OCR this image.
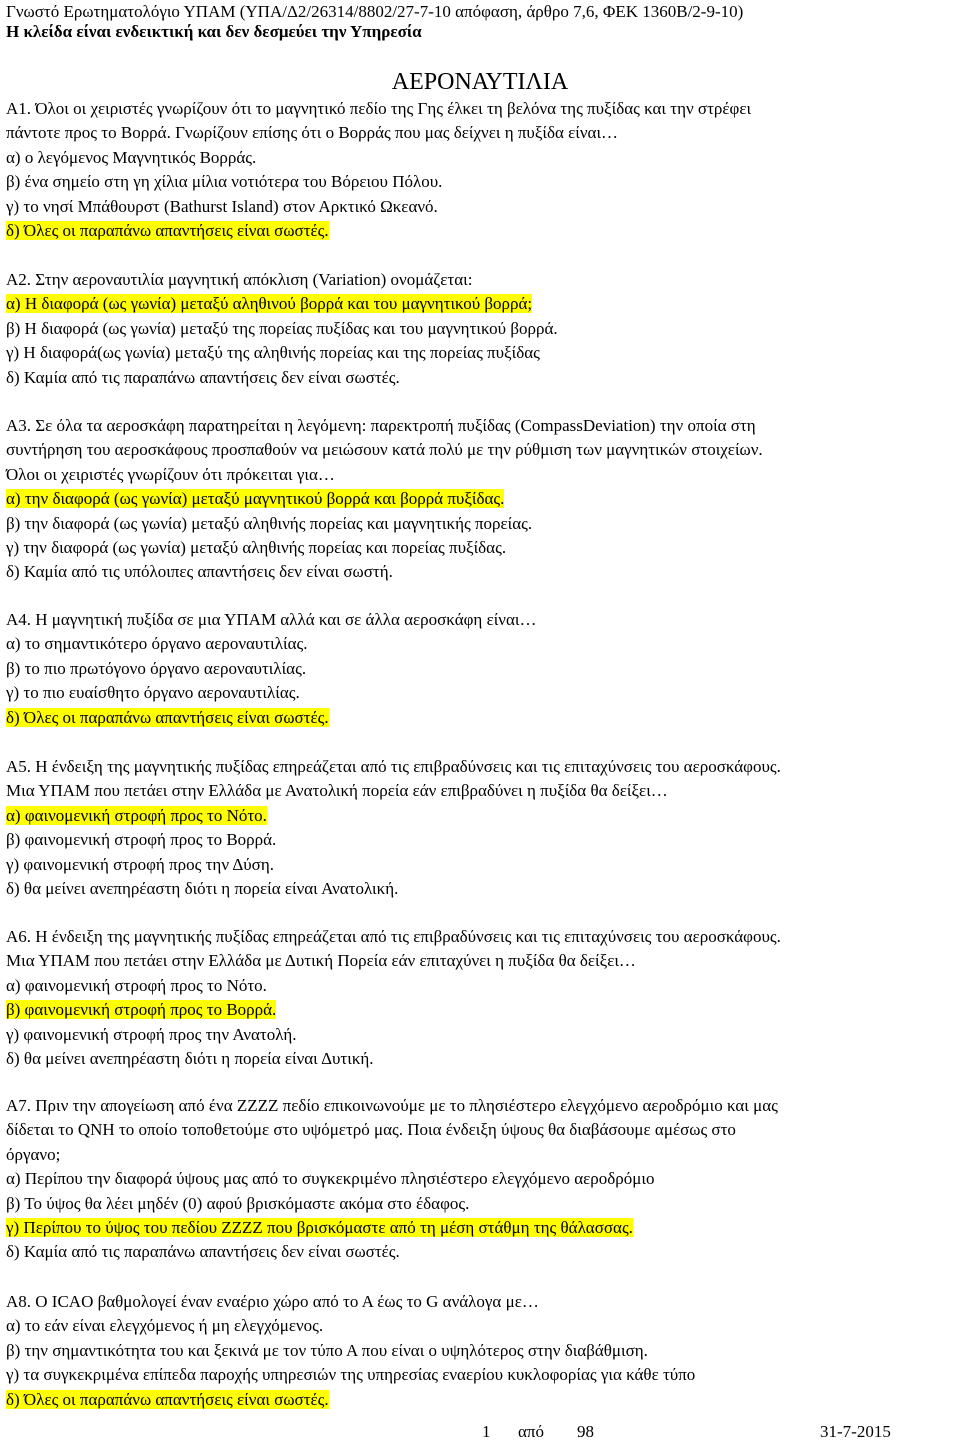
Γνωστό Ερωτηματολόγιο ΥΠΑΜ (ΥΠΑ/Δ2/26314/8802/27-7-10 απόφαση, άρθρο 7,6, ΦΕΚ 1360Β/2-9-10)
Η κλείδα είναι ενδεικτική και δεν δεσμεύει την Υπηρεσία
ΑΕΡΟΝΑΥΤΙΛΙΑ
Α1. Όλοι οι χειριστές γνωρίζουν ότι το μαγνητικό πεδίο της Γης έλκει τη βελόνα της πυξίδας και την στρέφει
πάντοτε προς το Βορρά. Γνωρίζουν επίσης ότι ο Βορράς που μας δείχνει η πυξίδα είναι…
α) ο λεγόμενος Μαγνητικός Βορράς.
β) ένα σημείο στη γη χίλια μίλια νοτιότερα του Βόρειου Πόλου.
γ) το νησί Μπάθουρστ (Bathurst Island) στον Αρκτικό Ωκεανό.
δ) Όλες οι παραπάνω απαντήσεις είναι σωστές.
Α2. Στην αεροναυτιλία μαγνητική απόκλιση (Variation) ονομάζεται:
α) Η διαφορά (ως γωνία) μεταξύ αληθινού βορρά και του μαγνητικού βορρά;
β) Η διαφορά (ως γωνία) μεταξύ της πορείας πυξίδας και του μαγνητικού βορρά.
γ) Η διαφορά(ως γωνία) μεταξύ της αληθινής πορείας και της πορείας πυξίδας
δ) Καμία από τις παραπάνω απαντήσεις δεν είναι σωστές.
Α3. Σε όλα τα αεροσκάφη παρατηρείται η λεγόμενη: παρεκτροπή πυξίδας (CompassDeviation) την οποία στη
συντήρηση του αεροσκάφους προσπαθούν να μειώσουν κατά πολύ με την ρύθμιση των μαγνητικών στοιχείων.
Όλοι οι χειριστές γνωρίζουν ότι πρόκειται για…
α) την διαφορά (ως γωνία) μεταξύ μαγνητικού βορρά και βορρά πυξίδας.
β) την διαφορά (ως γωνία) μεταξύ αληθινής πορείας και μαγνητικής πορείας.
γ) την διαφορά (ως γωνία) μεταξύ αληθινής πορείας και πορείας πυξίδας.
δ) Καμία από τις υπόλοιπες απαντήσεις δεν είναι σωστή.
Α4. Η μαγνητική πυξίδα σε μια ΥΠΑΜ αλλά και σε άλλα αεροσκάφη είναι…
α) το σημαντικότερο όργανο αεροναυτιλίας.
β) το πιο πρωτόγονο όργανο αεροναυτιλίας.
γ) το πιο ευαίσθητο όργανο αεροναυτιλίας.
δ) Όλες οι παραπάνω απαντήσεις είναι σωστές.
Α5. Η ένδειξη της μαγνητικής πυξίδας επηρεάζεται από τις επιβραδύνσεις και τις επιταχύνσεις του αεροσκάφους.
Μια ΥΠΑΜ που πετάει στην Ελλάδα με Ανατολική πορεία εάν επιβραδύνει η πυξίδα θα δείξει…
α) φαινομενική στροφή προς το Νότο.
β) φαινομενική στροφή προς το Βορρά.
γ) φαινομενική στροφή προς την Δύση.
δ) θα μείνει ανεπηρέαστη διότι η πορεία είναι Ανατολική.
Α6. Η ένδειξη της μαγνητικής πυξίδας επηρεάζεται από τις επιβραδύνσεις και τις επιταχύνσεις του αεροσκάφους.
Μια ΥΠΑΜ που πετάει στην Ελλάδα με Δυτική Πορεία εάν επιταχύνει η πυξίδα θα δείξει…
α) φαινομενική στροφή προς το Νότο.
β) φαινομενική στροφή προς το Βορρά.
γ) φαινομενική στροφή προς την Ανατολή.
δ) θα μείνει ανεπηρέαστη διότι η πορεία είναι Δυτική.
Α7. Πριν την απογείωση από ένα ZZZZ πεδίο επικοινωνούμε με το πλησιέστερο ελεγχόμενο αεροδρόμιο και μας
δίδεται το QNH το οποίο τοποθετούμε στο υψόμετρό μας. Ποια ένδειξη ύψους θα διαβάσουμε αμέσως στο
όργανο;
α) Περίπου την διαφορά ύψους μας από το συγκεκριμένο πλησιέστερο ελεγχόμενο αεροδρόμιο
β) Το ύψος θα λέει μηδέν (0) αφού βρισκόμαστε ακόμα στο έδαφος.
γ) Περίπου το ύψος του πεδίου ZZZZ που βρισκόμαστε από τη μέση στάθμη της θάλασσας.
δ) Καμία από τις παραπάνω απαντήσεις δεν είναι σωστές.
Α8. Ο ICAO βαθμολογεί έναν εναέριο χώρο από το Α έως το G ανάλογα με…
α) το εάν είναι ελεγχόμενος ή μη ελεγχόμενος.
β) την σημαντικότητα του και ξεκινά με τον τύπο Α που είναι ο υψηλότερος στην διαβάθμιση.
γ) τα συγκεκριμένα επίπεδα παροχής υπηρεσιών της υπηρεσίας εναερίου κυκλοφορίας για κάθε τύπο
δ) Όλες οι παραπάνω απαντήσεις είναι σωστές.
1 από 98	31-7-2015
